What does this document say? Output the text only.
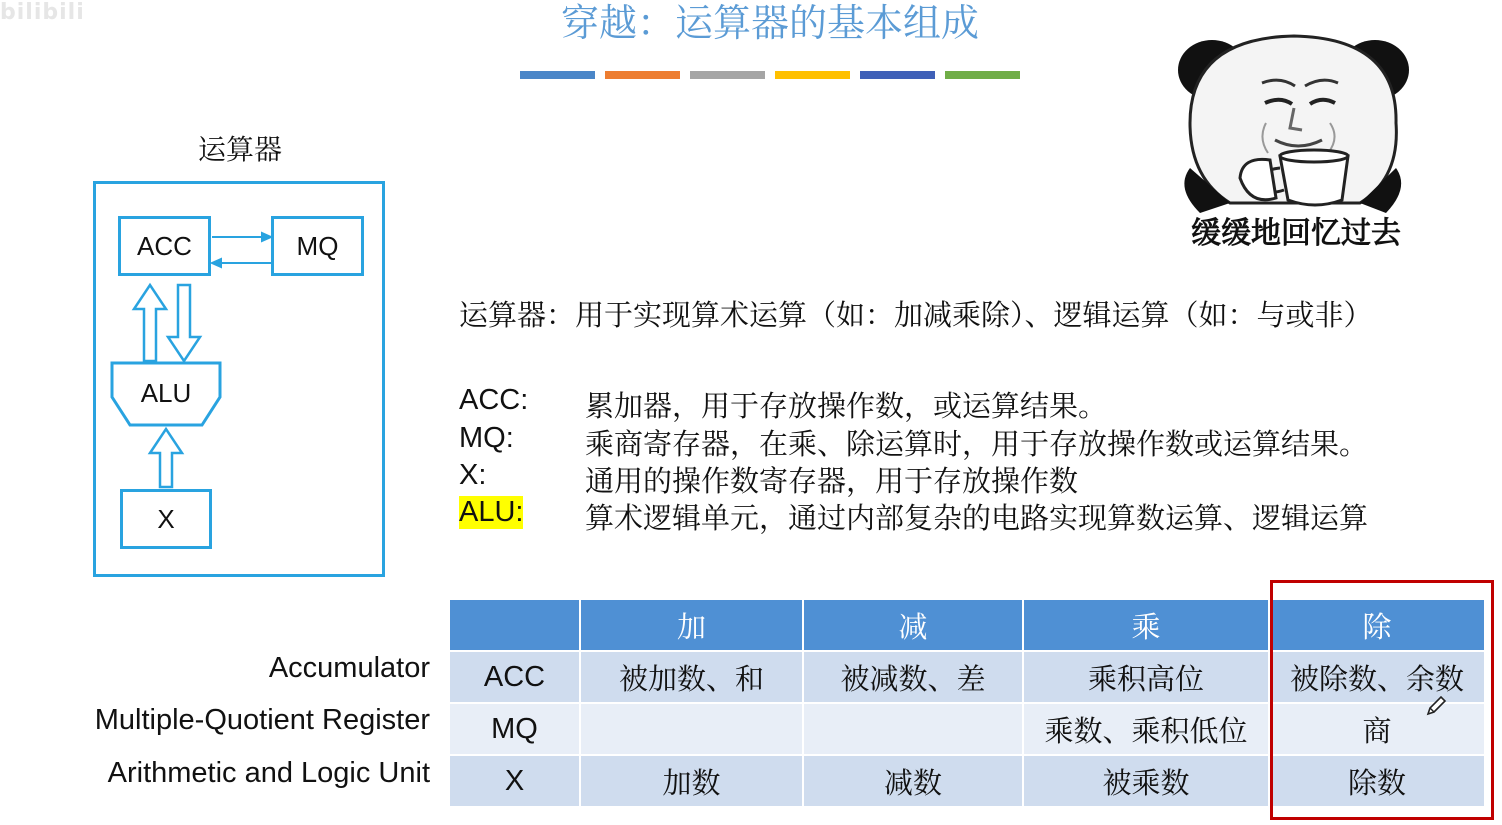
bilibili	穿越：运算器的基本组成
缓缓地回忆过去
运算器
ACC	MQ
X
ALU
运算器：用于实现算术运算（如：加减乘除）、逻辑运算（如：与或非）
ACC: 累加器，用于存放操作数，或运算结果。
MQ: 乘商寄存器，在乘、除运算时，用于存放操作数或运算结果。
X:	通用的操作数寄存器，用于存放操作数
ALU: 算术逻辑单元，通过内部复杂的电路实现算数运算、逻辑运算
Accumulator
Multiple-Quotient Register
Arithmetic and Logic Unit
	加	减	乘	除
ACC	被加数、和	被减数、差	乘积高位	被除数、余数
MQ			乘数、乘积低位	商
X	加数	减数	被乘数	除数
